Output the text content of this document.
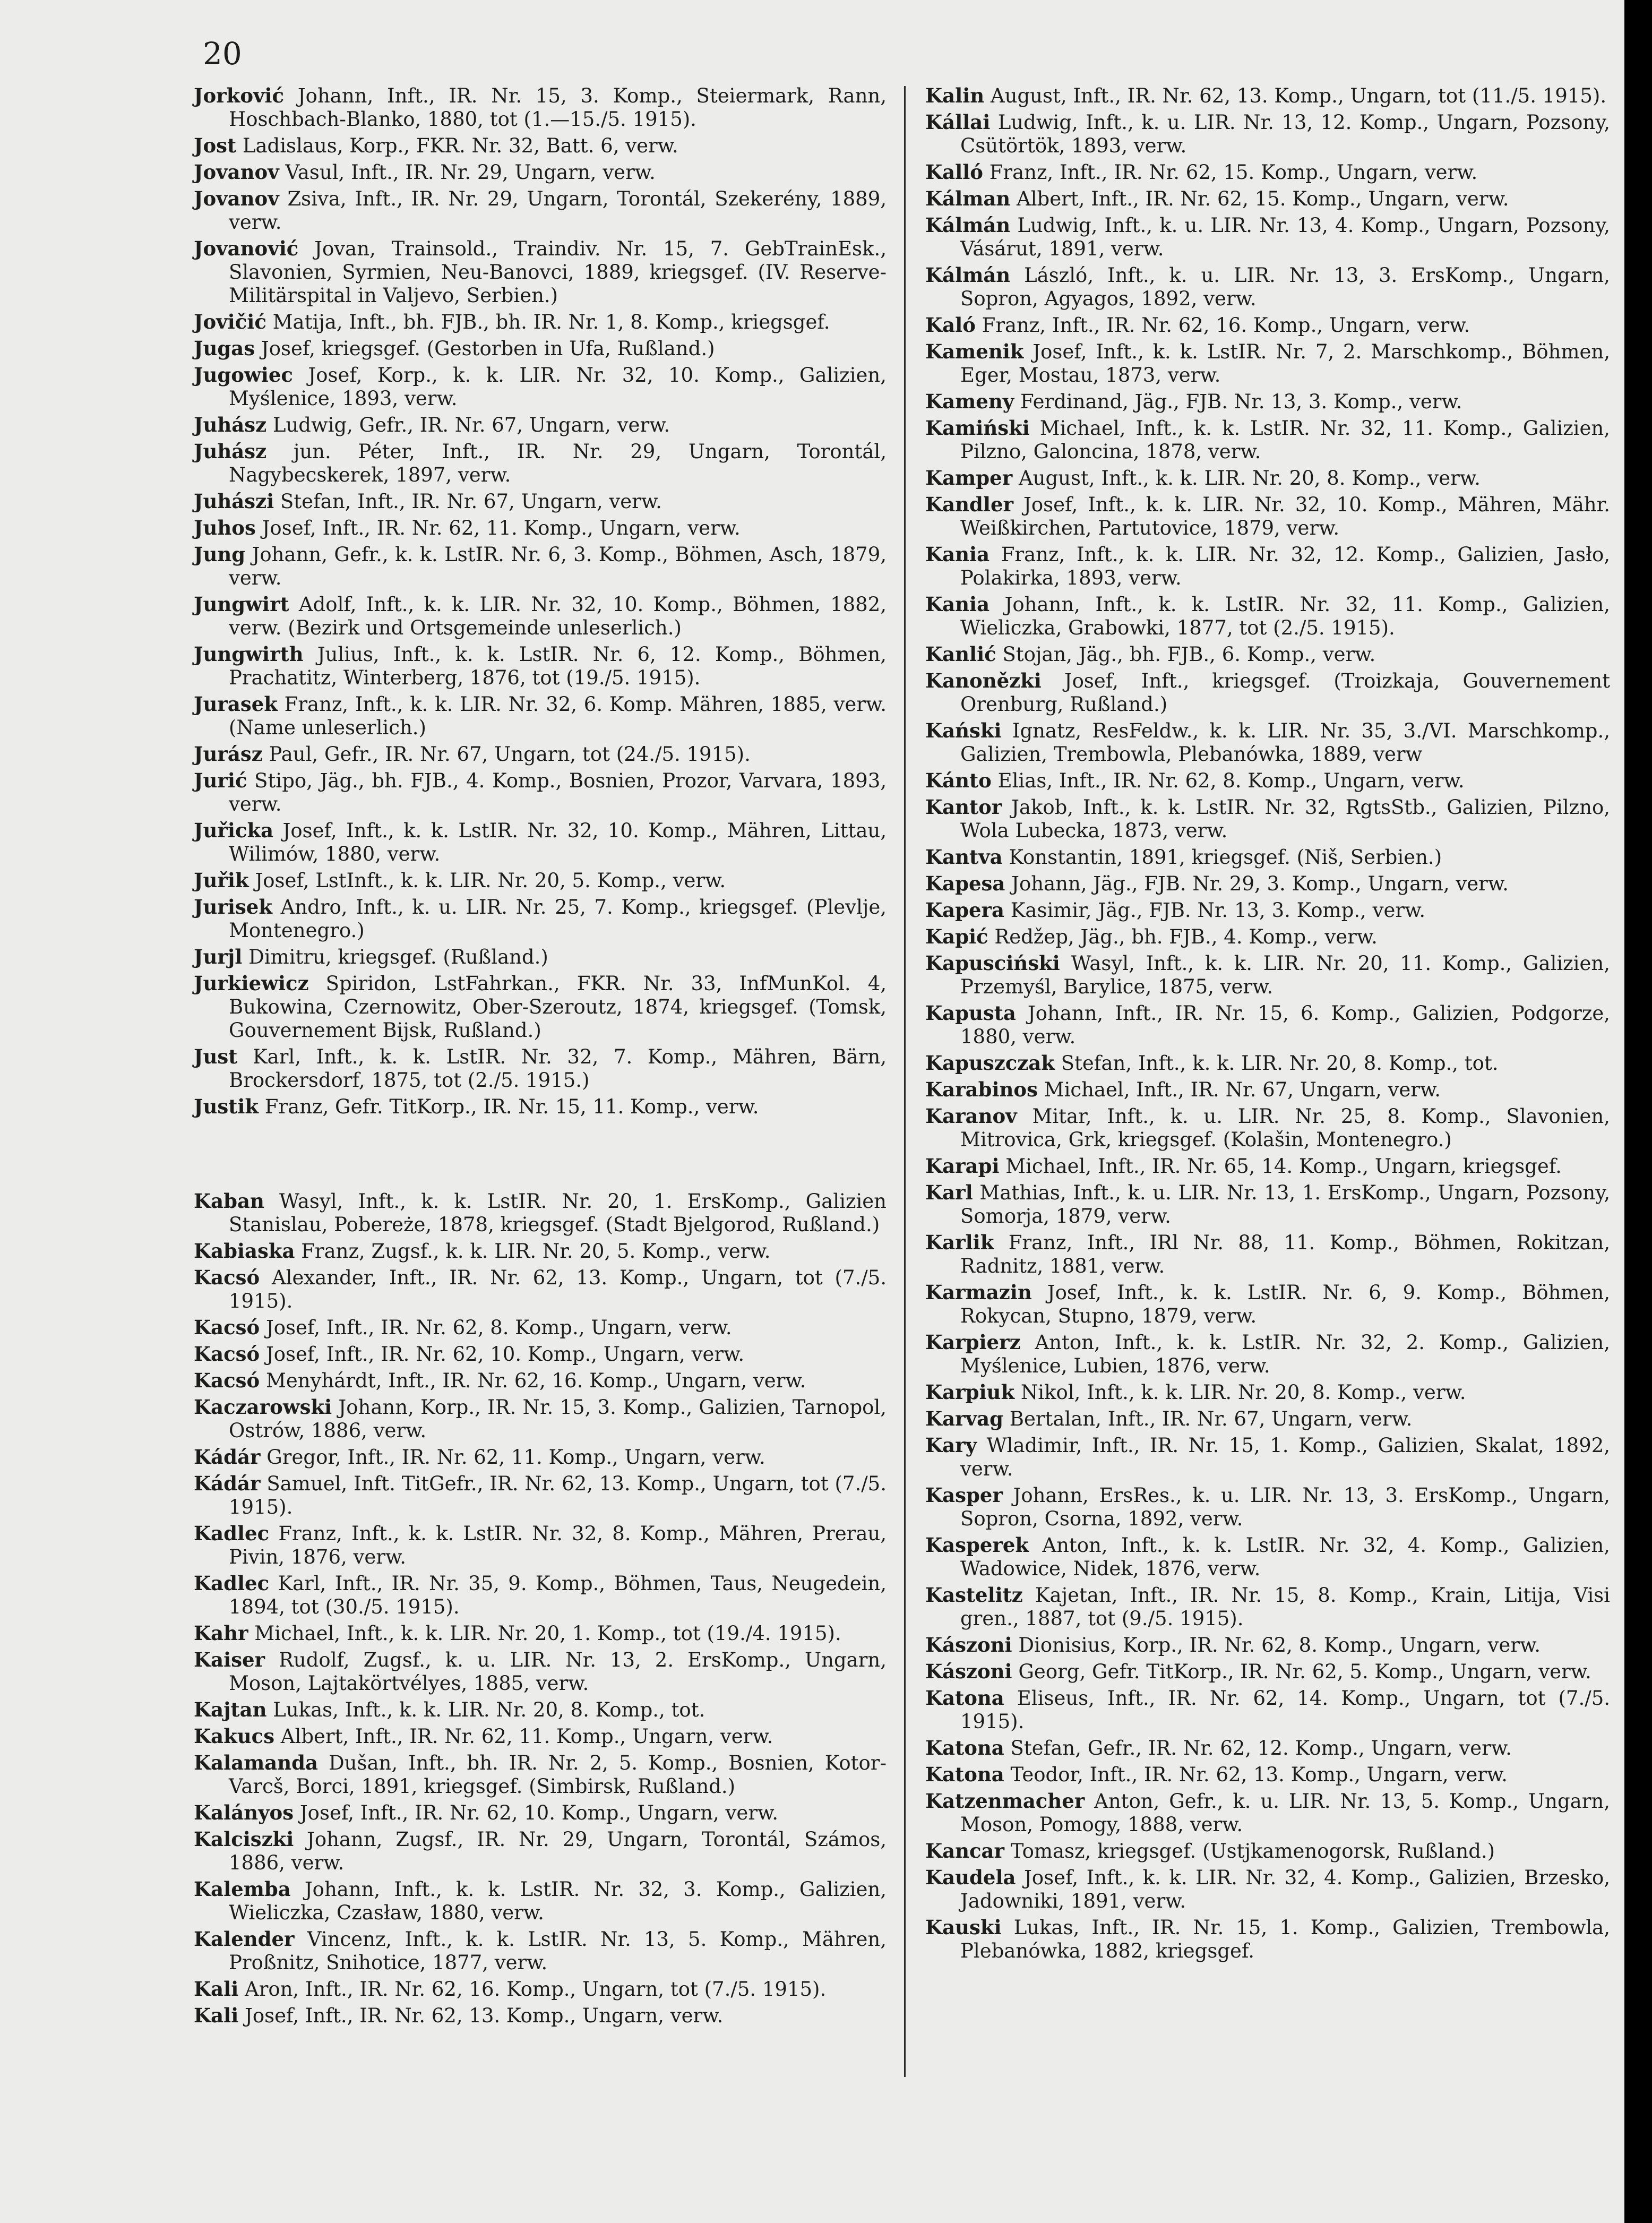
20
Jorković Johann, Inft., IR. Nr. 15, 3. Komp., Steiermark, Rann, Hoschbach-Blanko, 1880, tot (1.—15./5. 1915).
Jost Ladislaus, Korp., FKR. Nr. 32, Batt. 6, verw.
Jovanov Vasul, Inft., IR. Nr. 29, Ungarn, verw.
Jovanov Zsiva, Inft., IR. Nr. 29, Ungarn, Torontál, Szekerény, 1889, verw.
Jovanović Jovan, Trainsold., Traindiv. Nr. 15, 7. GebTrainEsk., Slavonien, Syrmien, Neu-Banovci, 1889, kriegsgef. (IV. Reserve-Militärspital in Valjevo, Serbien.)
Jovičić Matija, Inft., bh. FJB., bh. IR. Nr. 1, 8. Komp., kriegsgef.
Jugas Josef, kriegsgef. (Gestorben in Ufa, Rußland.)
Jugowiec Josef, Korp., k. k. LIR. Nr. 32, 10. Komp., Galizien, Myślenice, 1893, verw.
Juhász Ludwig, Gefr., IR. Nr. 67, Ungarn, verw.
Juhász jun. Péter, Inft., IR. Nr. 29, Ungarn, Torontál, Nagybecskerek, 1897, verw.
Juhászi Stefan, Inft., IR. Nr. 67, Ungarn, verw.
Juhos Josef, Inft., IR. Nr. 62, 11. Komp., Ungarn, verw.
Jung Johann, Gefr., k. k. LstIR. Nr. 6, 3. Komp., Böhmen, Asch, 1879, verw.
Jungwirt Adolf, Inft., k. k. LIR. Nr. 32, 10. Komp., Böhmen, 1882, verw. (Bezirk und Ortsgemeinde unleserlich.)
Jungwirth Julius, Inft., k. k. LstIR. Nr. 6, 12. Komp., Böhmen, Prachatitz, Winterberg, 1876, tot (19./5. 1915).
Jurasek Franz, Inft., k. k. LIR. Nr. 32, 6. Komp. Mähren, 1885, verw. (Name unleserlich.)
Jurász Paul, Gefr., IR. Nr. 67, Ungarn, tot (24./5. 1915).
Jurić Stipo, Jäg., bh. FJB., 4. Komp., Bosnien, Prozor, Varvara, 1893, verw.
Juřicka Josef, Inft., k. k. LstIR. Nr. 32, 10. Komp., Mähren, Littau, Wilimów, 1880, verw.
Juřik Josef, LstInft., k. k. LIR. Nr. 20, 5. Komp., verw.
Jurisek Andro, Inft., k. u. LIR. Nr. 25, 7. Komp., kriegsgef. (Plevlje, Montenegro.)
Jurjl Dimitru, kriegsgef. (Rußland.)
Jurkiewicz Spiridon, LstFahrkan., FKR. Nr. 33, InfMunKol. 4, Bukowina, Czernowitz, Ober-Szeroutz, 1874, kriegsgef. (Tomsk, Gouvernement Bijsk, Rußland.)
Just Karl, Inft., k. k. LstIR. Nr. 32, 7. Komp., Mähren, Bärn, Brockersdorf, 1875, tot (2./5. 1915.)
Justik Franz, Gefr. TitKorp., IR. Nr. 15, 11. Komp., verw.
Kaban Wasyl, Inft., k. k. LstIR. Nr. 20, 1. ErsKomp., Galizien Stanislau, Pobereże, 1878, kriegsgef. (Stadt Bjelgorod, Rußland.)
Kabiaska Franz, Zugsf., k. k. LIR. Nr. 20, 5. Komp., verw.
Kacsó Alexander, Inft., IR. Nr. 62, 13. Komp., Ungarn, tot (7./5. 1915).
Kacsó Josef, Inft., IR. Nr. 62, 8. Komp., Ungarn, verw.
Kacsó Josef, Inft., IR. Nr. 62, 10. Komp., Ungarn, verw.
Kacsó Menyhárdt, Inft., IR. Nr. 62, 16. Komp., Ungarn, verw.
Kaczarowski Johann, Korp., IR. Nr. 15, 3. Komp., Galizien, Tarnopol, Ostrów, 1886, verw.
Kádár Gregor, Inft., IR. Nr. 62, 11. Komp., Ungarn, verw.
Kádár Samuel, Inft. TitGefr., IR. Nr. 62, 13. Komp., Ungarn, tot (7./5. 1915).
Kadlec Franz, Inft., k. k. LstIR. Nr. 32, 8. Komp., Mähren, Prerau, Pivin, 1876, verw.
Kadlec Karl, Inft., IR. Nr. 35, 9. Komp., Böhmen, Taus, Neugedein, 1894, tot (30./5. 1915).
Kahr Michael, Inft., k. k. LIR. Nr. 20, 1. Komp., tot (19./4. 1915).
Kaiser Rudolf, Zugsf., k. u. LIR. Nr. 13, 2. ErsKomp., Ungarn, Moson, Lajtakörtvélyes, 1885, verw.
Kajtan Lukas, Inft., k. k. LIR. Nr. 20, 8. Komp., tot.
Kakucs Albert, Inft., IR. Nr. 62, 11. Komp., Ungarn, verw.
Kalamanda Dušan, Inft., bh. IR. Nr. 2, 5. Komp., Bosnien, Kotor-Varcš, Borci, 1891, kriegsgef. (Simbirsk, Rußland.)
Kalányos Josef, Inft., IR. Nr. 62, 10. Komp., Ungarn, verw.
Kalciszki Johann, Zugsf., IR. Nr. 29, Ungarn, Torontál, Számos, 1886, verw.
Kalemba Johann, Inft., k. k. LstIR. Nr. 32, 3. Komp., Galizien, Wieliczka, Czasław, 1880, verw.
Kalender Vincenz, Inft., k. k. LstIR. Nr. 13, 5. Komp., Mähren, Proßnitz, Snihotice, 1877, verw.
Kali Aron, Inft., IR. Nr. 62, 16. Komp., Ungarn, tot (7./5. 1915).
Kali Josef, Inft., IR. Nr. 62, 13. Komp., Ungarn, verw.
Kalin August, Inft., IR. Nr. 62, 13. Komp., Ungarn, tot (11./5. 1915).
Kállai Ludwig, Inft., k. u. LIR. Nr. 13, 12. Komp., Ungarn, Pozsony, Csütörtök, 1893, verw.
Kalló Franz, Inft., IR. Nr. 62, 15. Komp., Ungarn, verw.
Kálman Albert, Inft., IR. Nr. 62, 15. Komp., Ungarn, verw.
Kálmán Ludwig, Inft., k. u. LIR. Nr. 13, 4. Komp., Ungarn, Pozsony, Vásárut, 1891, verw.
Kálmán László, Inft., k. u. LIR. Nr. 13, 3. ErsKomp., Ungarn, Sopron, Agyagos, 1892, verw.
Kaló Franz, Inft., IR. Nr. 62, 16. Komp., Ungarn, verw.
Kamenik Josef, Inft., k. k. LstIR. Nr. 7, 2. Marschkomp., Böhmen, Eger, Mostau, 1873, verw.
Kameny Ferdinand, Jäg., FJB. Nr. 13, 3. Komp., verw.
Kamiński Michael, Inft., k. k. LstIR. Nr. 32, 11. Komp., Galizien, Pilzno, Galoncina, 1878, verw.
Kamper August, Inft., k. k. LIR. Nr. 20, 8. Komp., verw.
Kandler Josef, Inft., k. k. LIR. Nr. 32, 10. Komp., Mähren, Mähr. Weißkirchen, Partutovice, 1879, verw.
Kania Franz, Inft., k. k. LIR. Nr. 32, 12. Komp., Galizien, Jasło, Polakirka, 1893, verw.
Kania Johann, Inft., k. k. LstIR. Nr. 32, 11. Komp., Galizien, Wieliczka, Grabowki, 1877, tot (2./5. 1915).
Kanlić Stojan, Jäg., bh. FJB., 6. Komp., verw.
Kanonězki Josef, Inft., kriegsgef. (Troizkaja, Gouvernement Orenburg, Rußland.)
Kański Ignatz, ResFeldw., k. k. LIR. Nr. 35, 3./VI. Marschkomp., Galizien, Trembowla, Plebanówka, 1889, verw
Kánto Elias, Inft., IR. Nr. 62, 8. Komp., Ungarn, verw.
Kantor Jakob, Inft., k. k. LstIR. Nr. 32, RgtsStb., Galizien, Pilzno, Wola Lubecka, 1873, verw.
Kantva Konstantin, 1891, kriegsgef. (Niš, Serbien.)
Kapesa Johann, Jäg., FJB. Nr. 29, 3. Komp., Ungarn, verw.
Kapera Kasimir, Jäg., FJB. Nr. 13, 3. Komp., verw.
Kapić Redžep, Jäg., bh. FJB., 4. Komp., verw.
Kapusciński Wasyl, Inft., k. k. LIR. Nr. 20, 11. Komp., Galizien, Przemyśl, Barylice, 1875, verw.
Kapusta Johann, Inft., IR. Nr. 15, 6. Komp., Galizien, Podgorze, 1880, verw.
Kapuszczak Stefan, Inft., k. k. LIR. Nr. 20, 8. Komp., tot.
Karabinos Michael, Inft., IR. Nr. 67, Ungarn, verw.
Karanov Mitar, Inft., k. u. LIR. Nr. 25, 8. Komp., Slavonien, Mitrovica, Grk, kriegsgef. (Kolašin, Montenegro.)
Karapi Michael, Inft., IR. Nr. 65, 14. Komp., Ungarn, kriegsgef.
Karl Mathias, Inft., k. u. LIR. Nr. 13, 1. ErsKomp., Ungarn, Pozsony, Somorja, 1879, verw.
Karlik Franz, Inft., IRl Nr. 88, 11. Komp., Böhmen, Rokitzan, Radnitz, 1881, verw.
Karmazin Josef, Inft., k. k. LstIR. Nr. 6, 9. Komp., Böhmen, Rokycan, Stupno, 1879, verw.
Karpierz Anton, Inft., k. k. LstIR. Nr. 32, 2. Komp., Galizien, Myślenice, Lubien, 1876, verw.
Karpiuk Nikol, Inft., k. k. LIR. Nr. 20, 8. Komp., verw.
Karvag Bertalan, Inft., IR. Nr. 67, Ungarn, verw.
Kary Wladimir, Inft., IR. Nr. 15, 1. Komp., Galizien, Skalat, 1892, verw.
Kasper Johann, ErsRes., k. u. LIR. Nr. 13, 3. ErsKomp., Ungarn, Sopron, Csorna, 1892, verw.
Kasperek Anton, Inft., k. k. LstIR. Nr. 32, 4. Komp., Galizien, Wadowice, Nidek, 1876, verw.
Kastelitz Kajetan, Inft., IR. Nr. 15, 8. Komp., Krain, Litija, Visi gren., 1887, tot (9./5. 1915).
Kászoni Dionisius, Korp., IR. Nr. 62, 8. Komp., Ungarn, verw.
Kászoni Georg, Gefr. TitKorp., IR. Nr. 62, 5. Komp., Ungarn, verw.
Katona Eliseus, Inft., IR. Nr. 62, 14. Komp., Ungarn, tot (7./5. 1915).
Katona Stefan, Gefr., IR. Nr. 62, 12. Komp., Ungarn, verw.
Katona Teodor, Inft., IR. Nr. 62, 13. Komp., Ungarn, verw.
Katzenmacher Anton, Gefr., k. u. LIR. Nr. 13, 5. Komp., Ungarn, Moson, Pomogy, 1888, verw.
Kancar Tomasz, kriegsgef. (Ustjkamenogorsk, Rußland.)
Kaudela Josef, Inft., k. k. LIR. Nr. 32, 4. Komp., Galizien, Brzesko, Jadowniki, 1891, verw.
Kauski Lukas, Inft., IR. Nr. 15, 1. Komp., Galizien, Trembowla, Plebanówka, 1882, kriegsgef.
